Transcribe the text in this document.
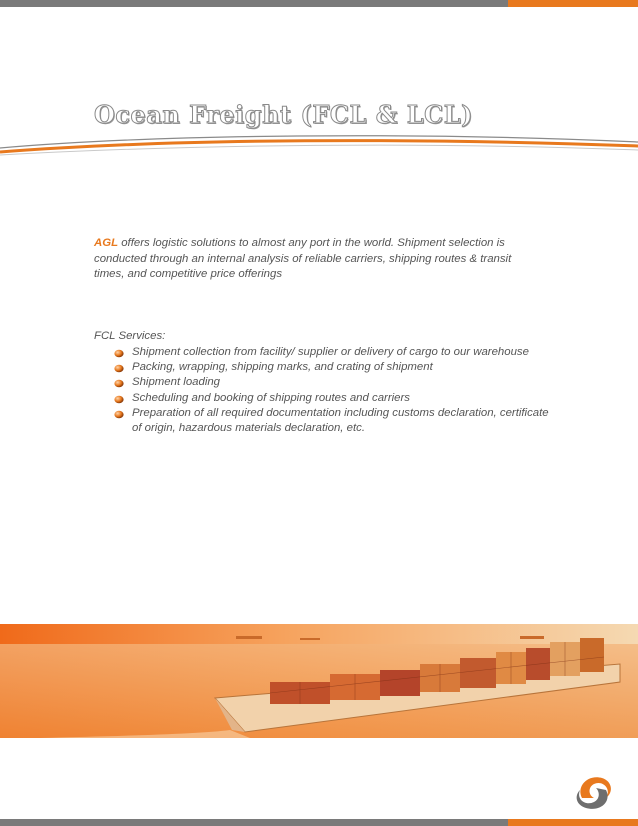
Ocean Freight (FCL & LCL)

AGL offers logistic solutions to almost any port in the world. Shipment selection is conducted through an internal analysis of reliable carriers, shipping routes & transit times, and competitive price offerings

FCL Services:

Shipment collection from facility/ supplier or delivery of cargo to our warehouse
Packing, wrapping, shipping marks, and crating of shipment
Shipment loading
Scheduling and booking of shipping routes and carriers
Preparation of all required documentation including customs declaration, certificate of origin, hazardous materials declaration, etc.
